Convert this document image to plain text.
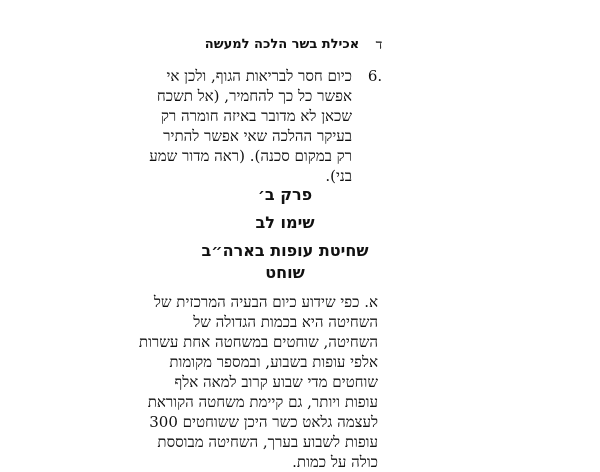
ד
אכילת בשר הלכה למעשה
6.
כיום חסר לבריאות הגוף, ולכן אי
אפשר כל כך להחמיר, (אל תשכח
שכאן לא מדובר באיזה חומרה רק
בעיקר ההלכה שאי אפשר להתיר
רק במקום סכנה). (ראה מדור שמע
בני).
פרק ב׳
שימו לב
שחיטת עופות בארה״ב
שוחט
א. כפי שידוע כיום הבעיה המרכזית של
השחיטה היא בכמות הגדולה של
השחיטה, שוחטים במשחטה אחת עשרות
אלפי עופות בשבוע, ובמספר מקומות
שוחטים מדי שבוע קרוב למאה אלף
עופות ויותר, גם קיימת משחטה הקוראת
לעצמה גלאט כשר היכן ששוחטים 300
עופות לשבוע בערך, השחיטה מבוססת
כולה על כמות.
